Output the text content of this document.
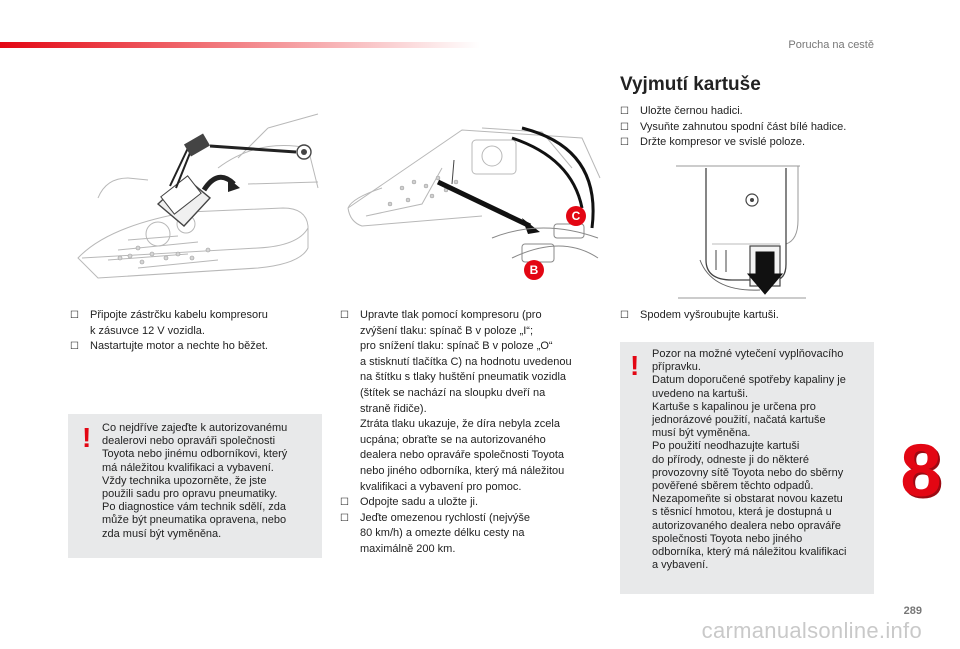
Porucha na cestě
C
B
☐	Připojte zástrčku kabelu kompresoru
k zásuvce 12 V vozidla.
☐	Nastartujte motor a nechte ho běžet.
! Co nejdříve zajeďte k autorizovanému
dealerovi nebo opraváři společnosti
Toyota nebo jinému odborníkovi, který
má náležitou kvalifikaci a vybavení.
Vždy technika upozorněte, že jste
použili sadu pro opravu pneumatiky.
Po diagnostice vám technik sdělí, zda
může být pneumatika opravena, nebo
zda musí být vyměněna.
☐	Upravte tlak pomocí kompresoru (pro
zvýšení tlaku: spínač B v poloze „I“;
pro snížení tlaku: spínač B v poloze „O“
a stisknutí tlačítka C) na hodnotu uvedenou
na štítku s tlaky huštění pneumatik vozidla
(štítek se nachází na sloupku dveří na
straně řidiče).
Ztráta tlaku ukazuje, že díra nebyla zcela
ucpána; obraťte se na autorizovaného
dealera nebo opraváře společnosti Toyota
nebo jiného odborníka, který má náležitou
kvalifikaci a vybavení pro pomoc.
☐	Odpojte sadu a uložte ji.
☐	Jeďte omezenou rychlostí (nejvýše
80 km/h) a omezte délku cesty na
maximálně 200 km.
Vyjmutí kartuše
☐	Uložte černou hadici.
☐	Vysuňte zahnutou spodní část bílé hadice.
☐	Držte kompresor ve svislé poloze.
☐	Spodem vyšroubujte kartuši.
! Pozor na možné vytečení vyplňovacího
přípravku.
Datum doporučené spotřeby kapaliny je
uvedeno na kartuši.
Kartuše s kapalinou je určena pro
jednorázové použití, načatá kartuše
musí být vyměněna.
Po použití neodhazujte kartuši
do přírody, odneste ji do některé
provozovny sítě Toyota nebo do sběrny
pověřené sběrem těchto odpadů.
Nezapomeňte si obstarat novou kazetu
s těsnicí hmotou, která je dostupná u
autorizovaného dealera nebo opraváře
společnosti Toyota nebo jiného
odborníka, který má náležitou kvalifikaci
a vybavení.
8
289
carmanualsonline.info
